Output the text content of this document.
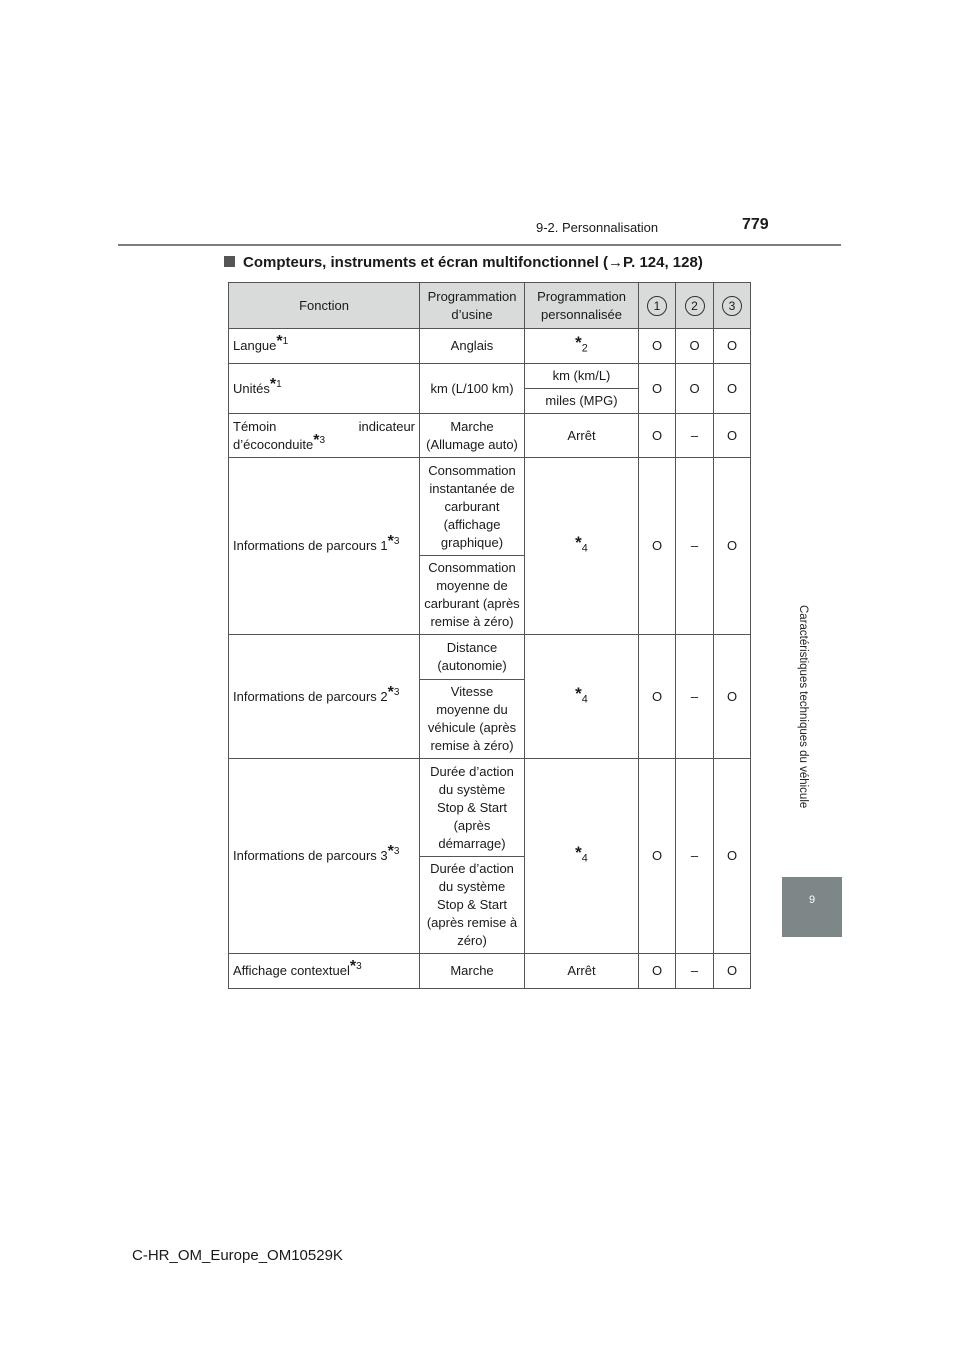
9-2. Personnalisation	779
Caractéristiques techniques du véhicule
9
Compteurs, instruments et écran multifonctionnel (→P. 124, 128)
Fonction	Programmation d’usine	Programmation personnalisée	1	2	3
Langue$^{*1}$	Anglais	$*_2$	O	O	O
Unités$^{*1}$	km (L/100 km)	km (km/L)	O	O	O
		miles (MPG)			
Témoin indicateur d’écoconduite$^{*3}$	Marche (Allumage auto)	Arrêt	O	–	O
Informations de parcours 1$^{*3}$	Consommation instantanée de carburant (affichage graphique)	$*_4$	O	–	O
	Consommation moyenne de carburant (après remise à zéro)				
Informations de parcours 2$^{*3}$	Distance (autonomie)	$*_4$	O	–	O
	Vitesse moyenne du véhicule (après remise à zéro)				
Informations de parcours 3$^{*3}$	Durée d’action du système Stop & Start (après démarrage)	$*_4$	O	–	O
	Durée d’action du système Stop & Start (après remise à zéro)				
Affichage contextuel$^{*3}$	Marche	Arrêt	O	–	O
C-HR_OM_Europe_OM10529K
